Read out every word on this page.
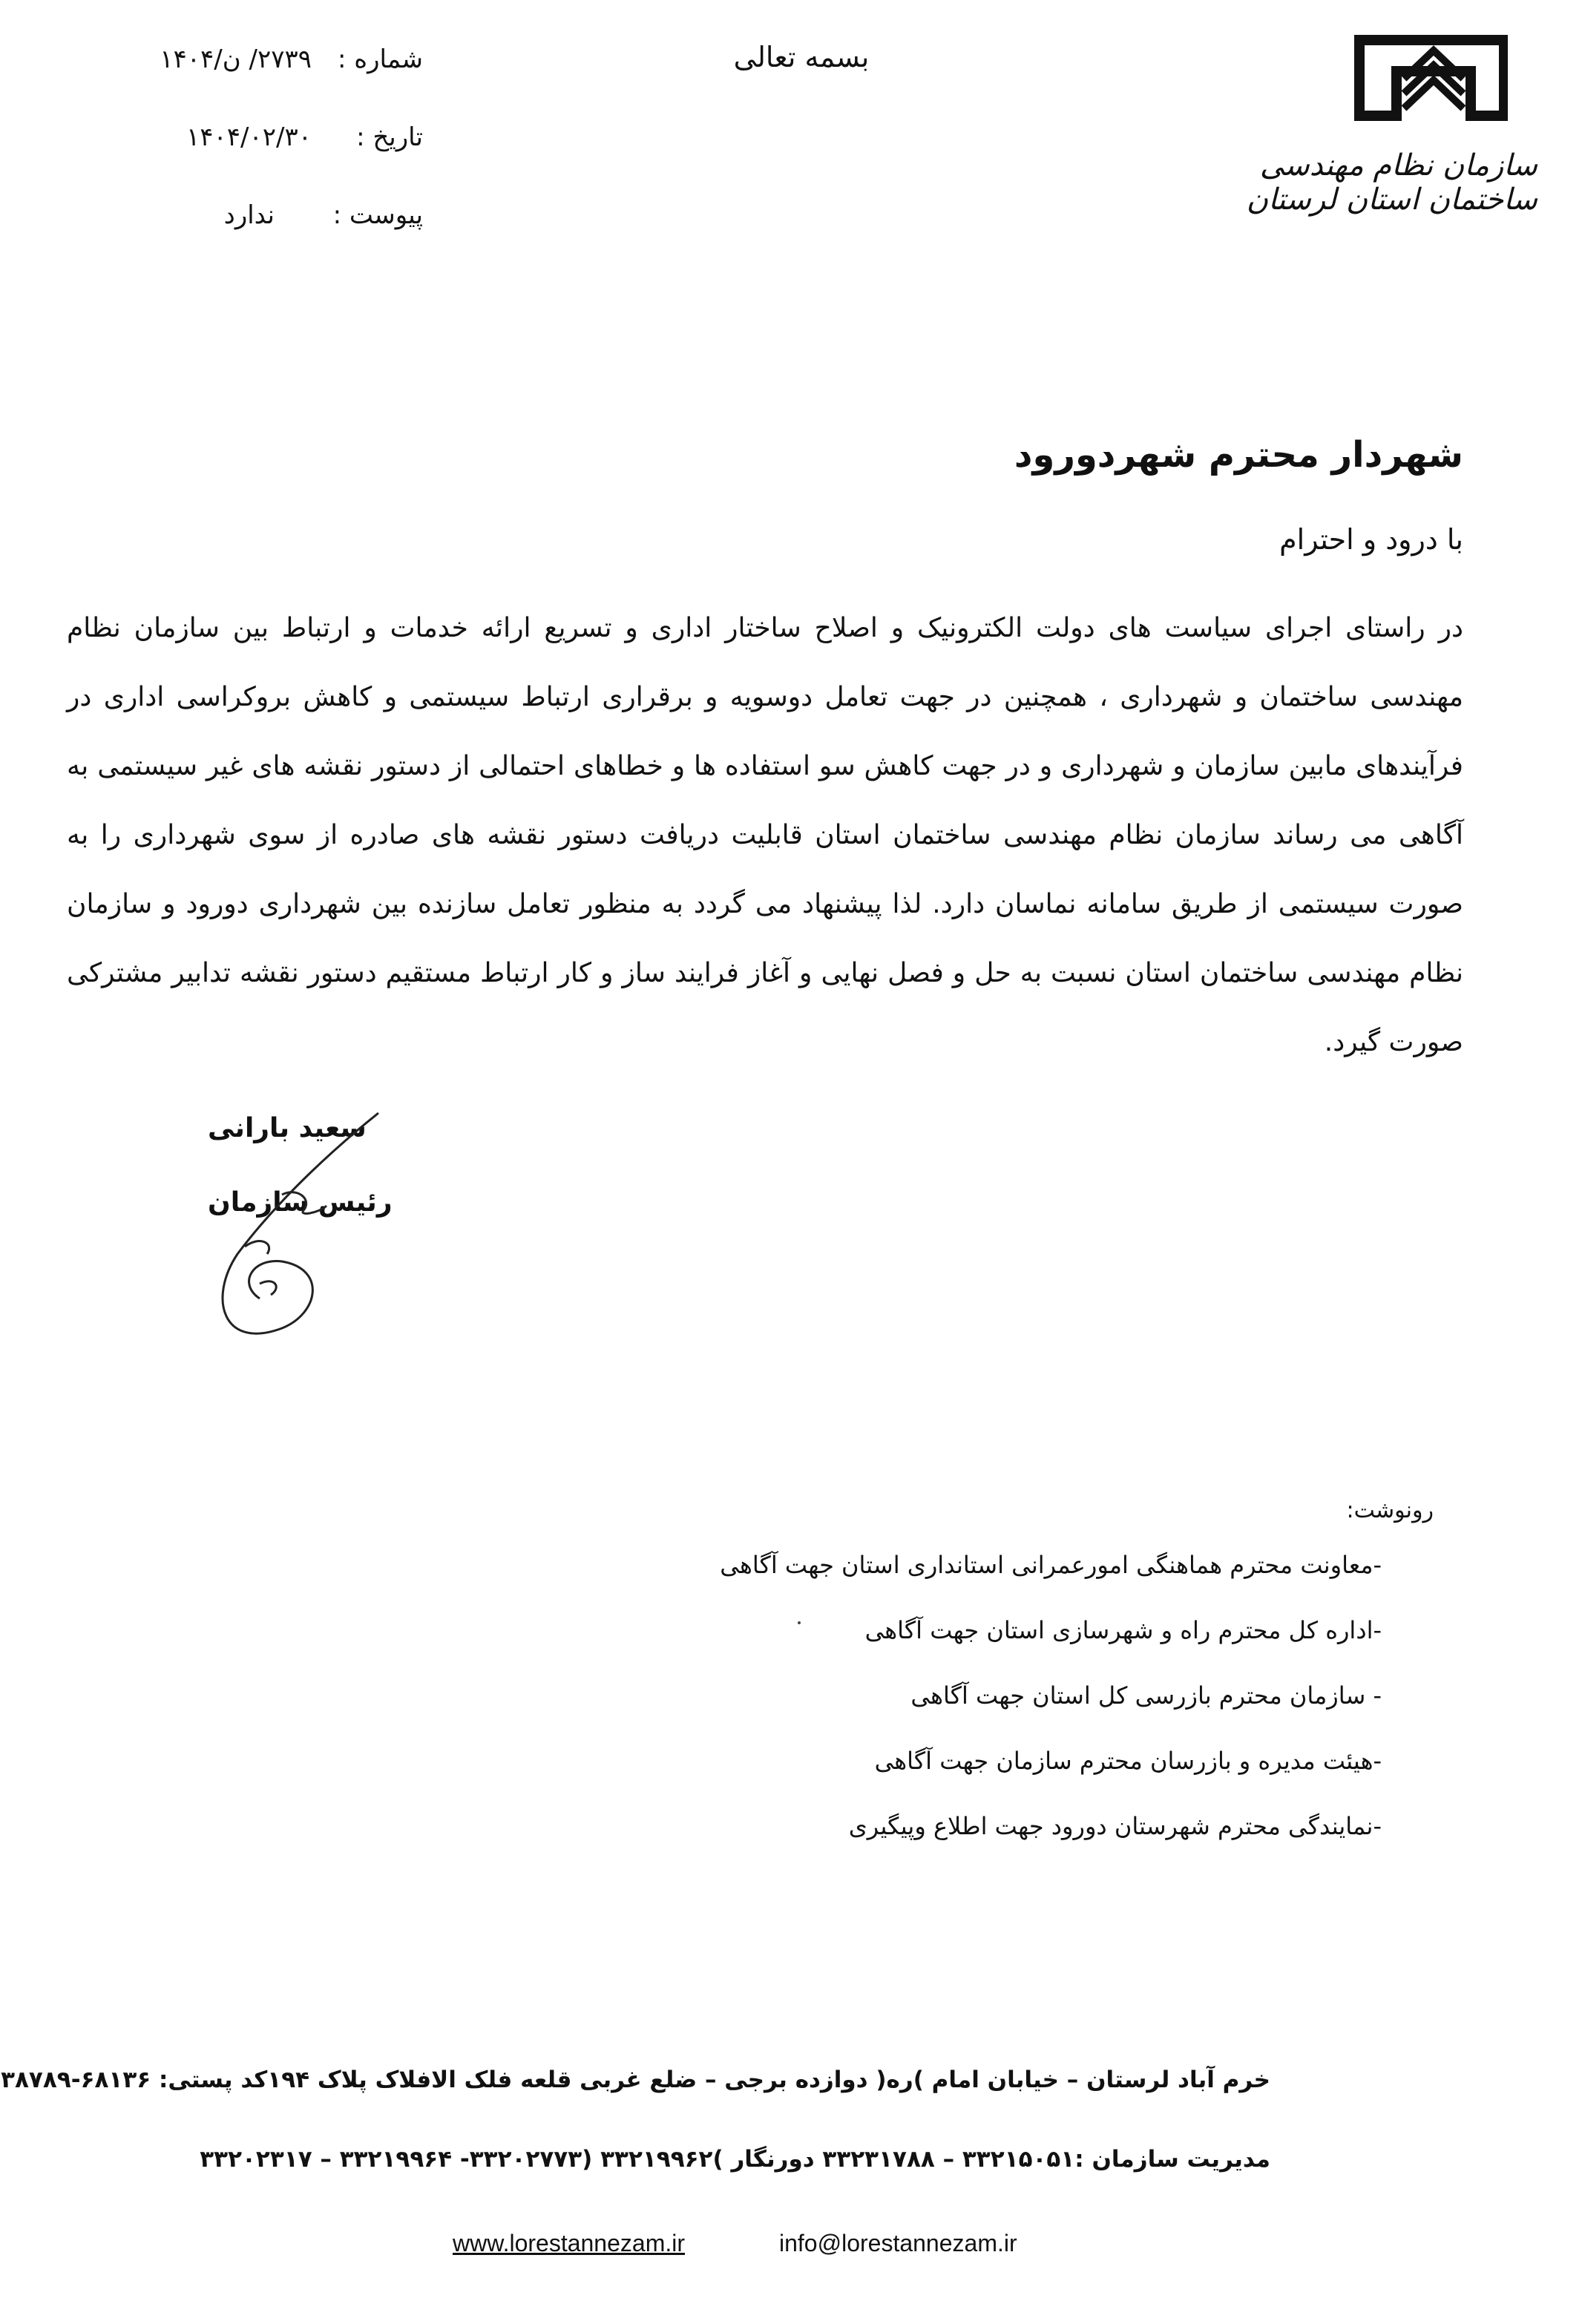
سازمان نظام مهندسی ساختمان استان لرستان
بسمه تعالی
شماره :
۲۷۳۹/ ن/۱۴۰۴
تاریخ :
۱۴۰۴/۰۲/۳۰
پیوست :
ندارد
شهردار محترم شهردورود
با درود و احترام
در راستای اجرای سیاست های دولت الکترونیک و اصلاح ساختار اداری و تسریع ارائه خدمات و ارتباط بین سازمان نظام مهندسی ساختمان و شهرداری ، همچنین در جهت تعامل دوسویه و برقراری ارتباط سیستمی و کاهش بروکراسی اداری در فرآیندهای مابین سازمان و شهرداری و در جهت کاهش سو استفاده ها و خطاهای احتمالی از دستور نقشه های غیر سیستمی به آگاهی می رساند سازمان نظام مهندسی ساختمان استان قابلیت دریافت دستور نقشه های صادره از سوی شهرداری را به صورت سیستمی از طریق سامانه نماسان دارد. لذا پیشنهاد می گردد به منظور تعامل سازنده بین شهرداری دورود و سازمان نظام مهندسی ساختمان استان نسبت به حل و فصل نهایی و آغاز فرایند ساز و کار ارتباط مستقیم دستور نقشه تدابیر مشترکی صورت گیرد.
سعید بارانی
رئیس سازمان
رونوشت:
-معاونت محترم هماهنگی امورعمرانی استانداری استان جهت آگاهی
-اداره کل محترم راه و شهرسازی استان جهت آگاهی
- سازمان محترم بازرسی کل استان جهت آگاهی
-هیئت مدیره و بازرسان محترم سازمان جهت آگاهی
-نمایندگی محترم شهرستان دورود جهت اطلاع وپیگیری
خرم آباد لرستان – خیابان امام )ره( دوازده برجی – ضلع غربی قلعه فلک الافلاک پلاک ۱۹۴کد پستی: ۶۸۱۳۶-۳۸۷۸۹
مدیریت سازمان :۳۳۲۱۵۰۵۱ – ۳۳۲۳۱۷۸۸ دورنگار )۳۳۲۱۹۹۶۲ (۳۳۲۰۲۷۷۳- ۳۳۲۱۹۹۶۴ – ۳۳۲۰۲۳۱۷
www.lorestannezam.ir	info@lorestannezam.ir
